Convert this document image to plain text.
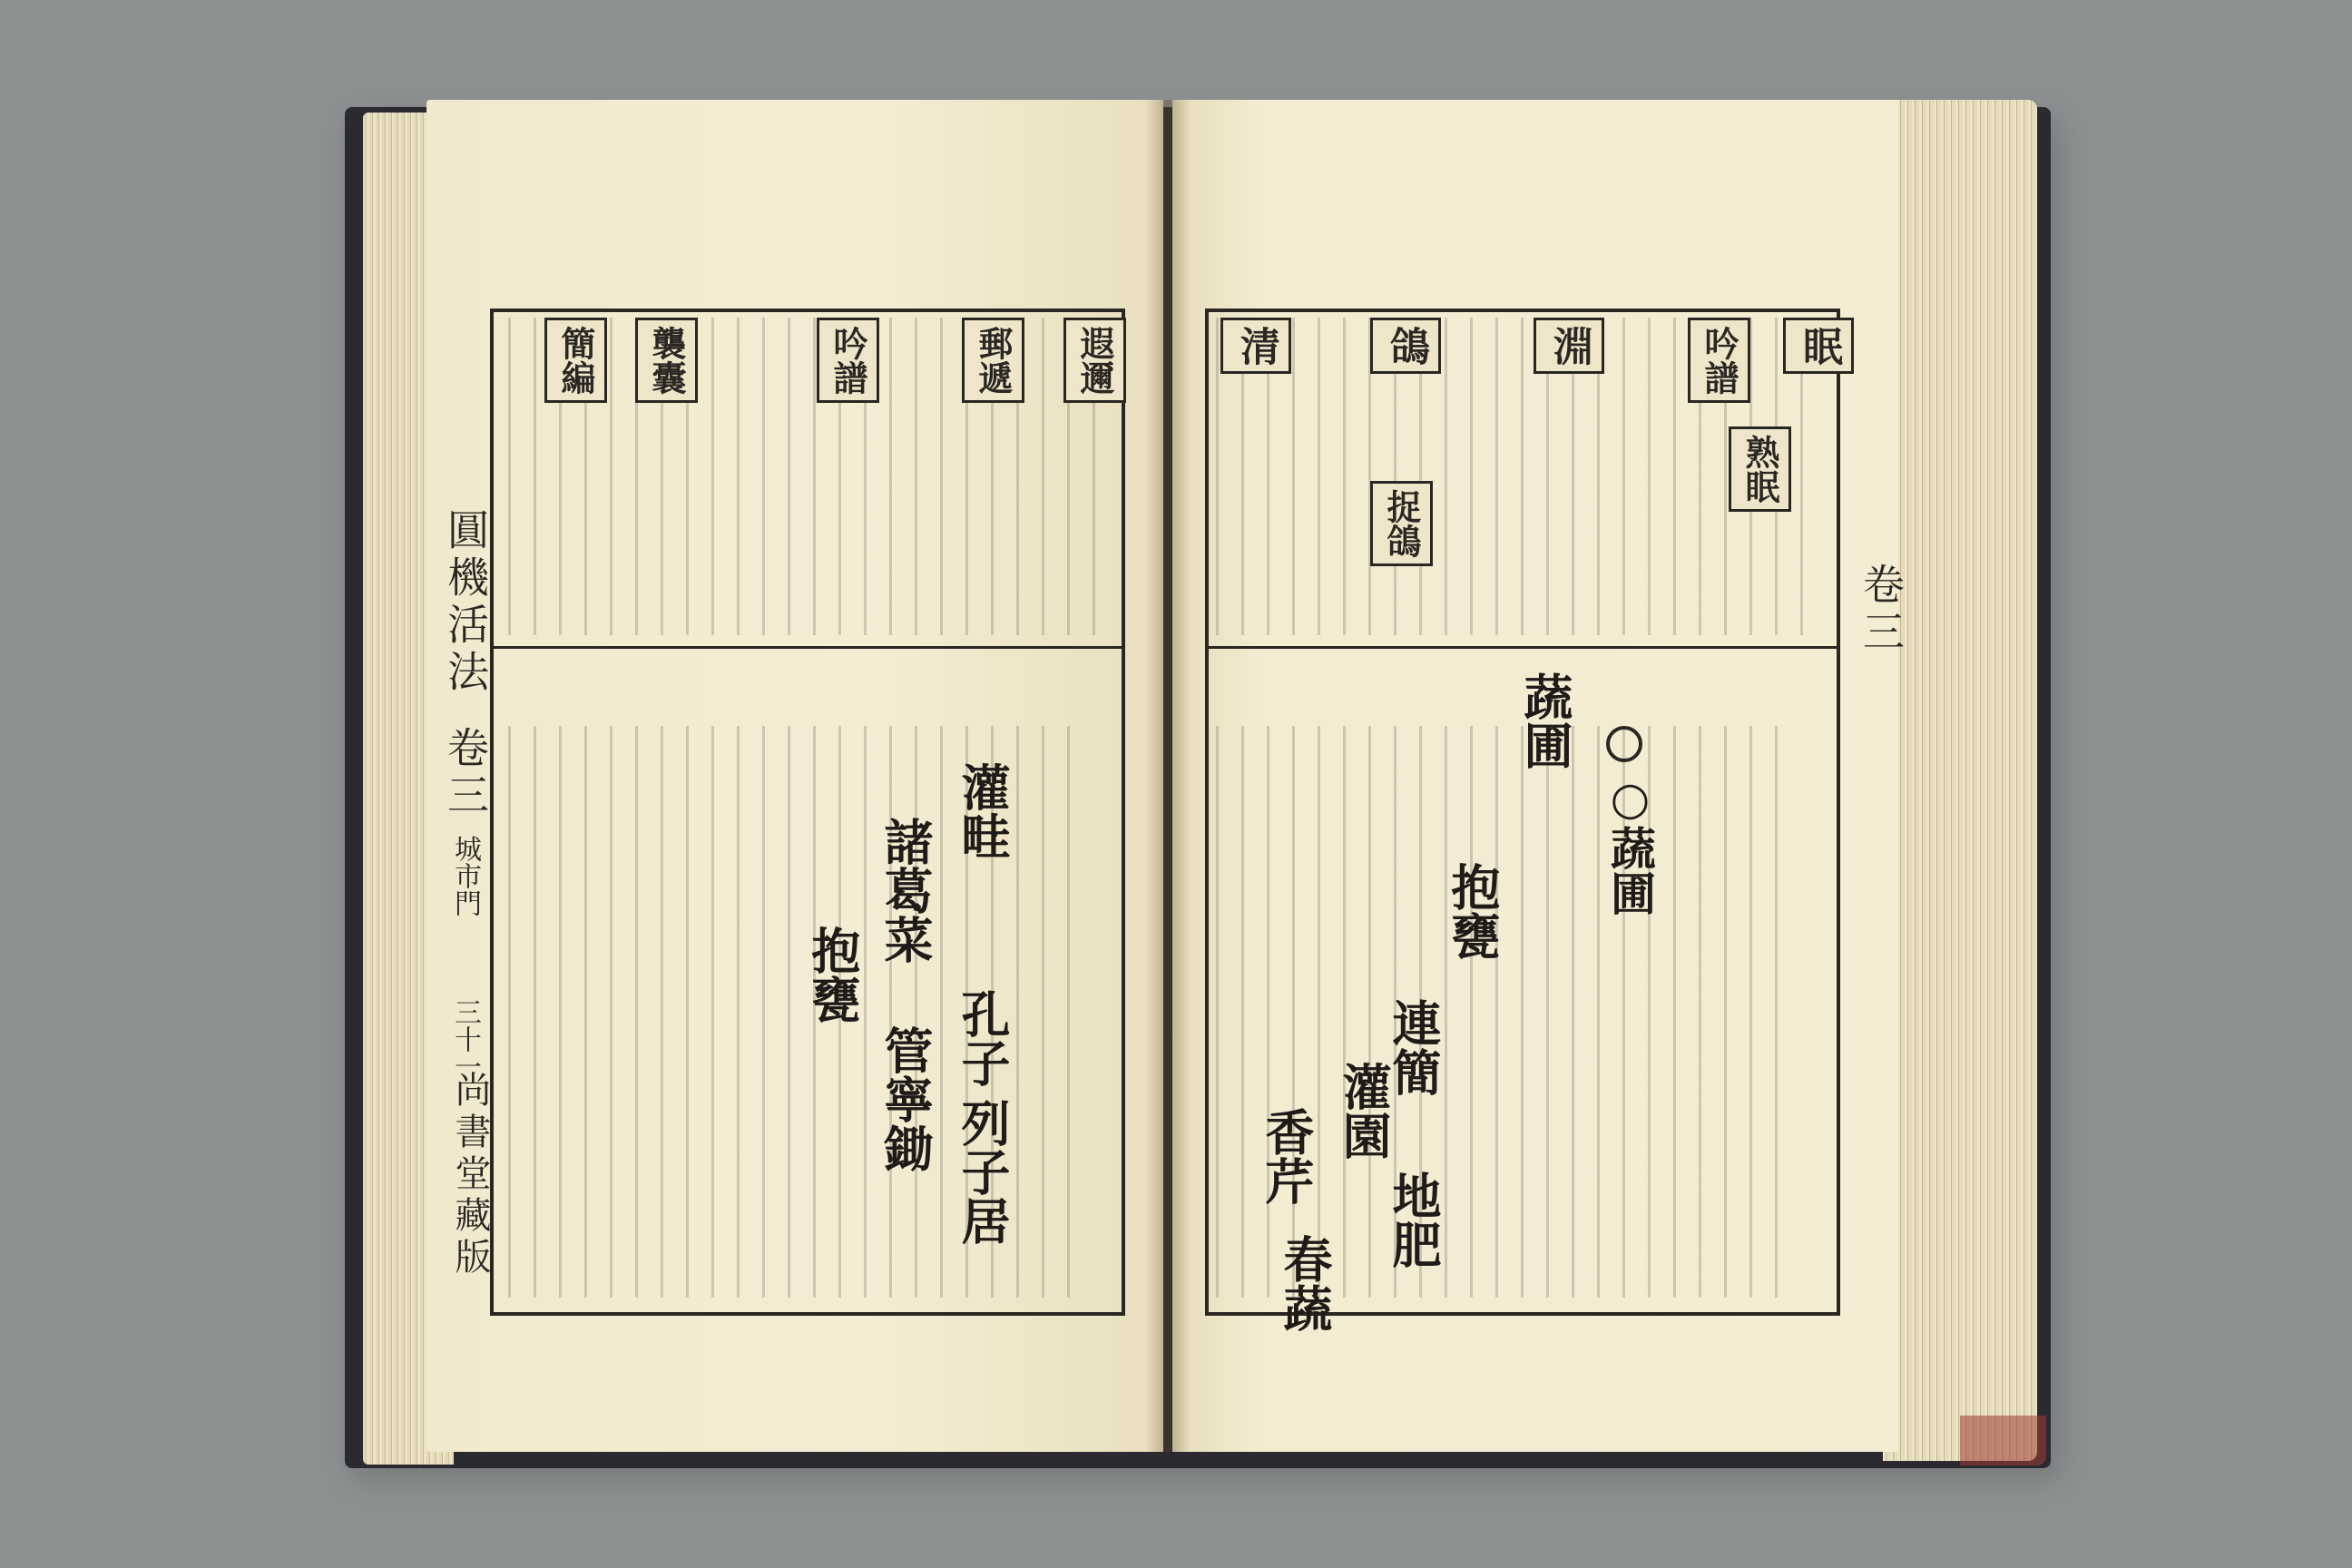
圓機活法
卷三
城市門
三十一
尚書堂藏版
遐邇
郵遞
吟譜
襲囊
簡編
灌畦
孔子
列子居
抱甕
諸葛菜
管寧鋤
卷三
眠
熟眠
吟譜
淵
鴿
捉鴿
清
○蔬圃
蔬圃
抱甕
灌園
連簡
地肥
香芹
春蔬
